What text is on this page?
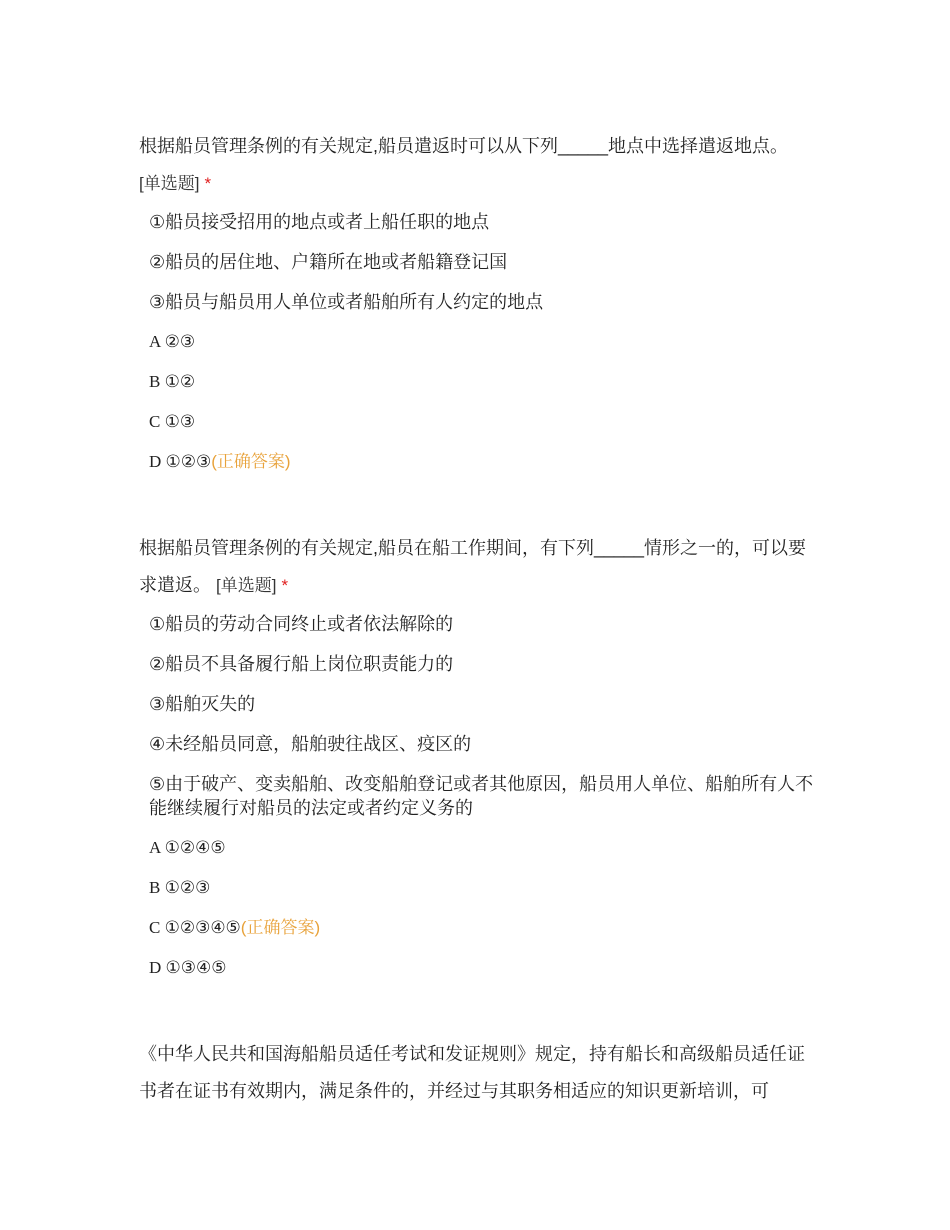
根据船员管理条例的有关规定,船员遣返时可以从下列_____地点中选择遣返地点。
[单选题] *

①船员接受招用的地点或者上船任职的地点
②船员的居住地、户籍所在地或者船籍登记国
③船员与船员用人单位或者船舶所有人约定的地点
A ②③
B ①②
C ①③
D ①②③(正确答案)

根据船员管理条例的有关规定,船员在船工作期间，有下列_____情形之一的，可以要求遣返。 [单选题] *

①船员的劳动合同终止或者依法解除的
②船员不具备履行船上岗位职责能力的
③船舶灭失的
④未经船员同意，船舶驶往战区、疫区的
⑤由于破产、变卖船舶、改变船舶登记或者其他原因，船员用人单位、船舶所有人不能继续履行对船员的法定或者约定义务的
A ①②④⑤
B ①②③
C ①②③④⑤(正确答案)
D ①③④⑤

《中华人民共和国海船船员适任考试和发证规则》规定，持有船长和高级船员适任证书者在证书有效期内，满足条件的，并经过与其职务相适应的知识更新培训，可
